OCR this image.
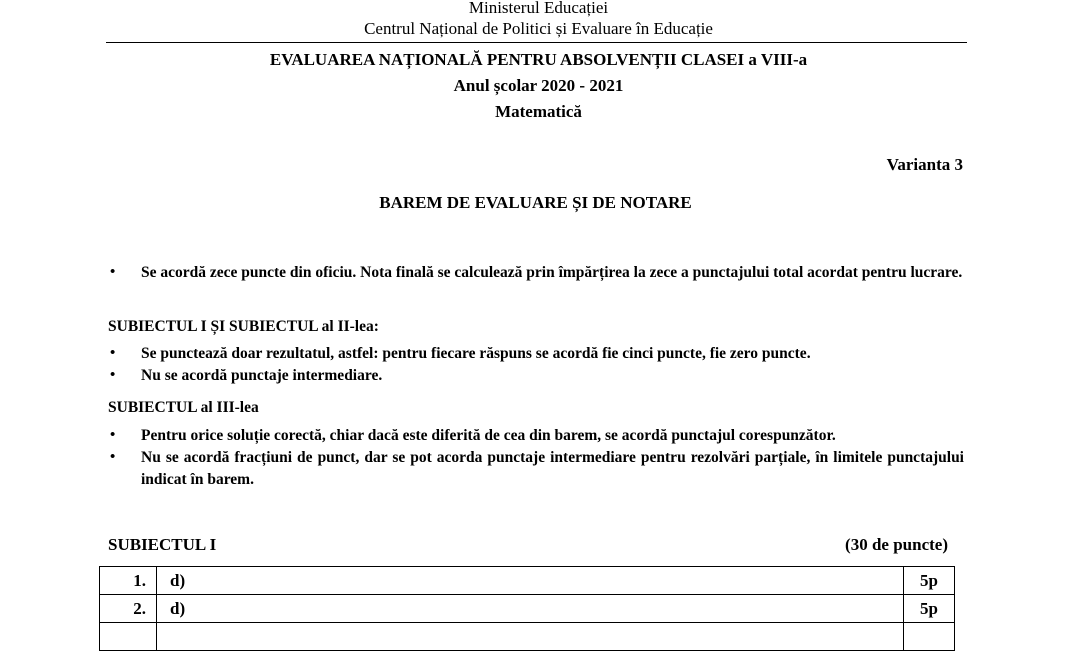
Ministerul Educației
Centrul Național de Politici și Evaluare în Educație
EVALUAREA NAȚIONALĂ PENTRU ABSOLVENȚII CLASEI a VIII-a
Anul școlar 2020 - 2021
Matematică
Varianta 3
BAREM DE EVALUARE ȘI DE NOTARE
• Se acordă zece puncte din oficiu. Nota finală se calculează prin împărțirea la zece a punctajului total acordat pentru lucrare.
SUBIECTUL I ȘI SUBIECTUL al II-lea:
• Se punctează doar rezultatul, astfel: pentru fiecare răspuns se acordă fie cinci puncte, fie zero puncte.
• Nu se acordă punctaje intermediare.
SUBIECTUL al III-lea
• Pentru orice soluție corectă, chiar dacă este diferită de cea din barem, se acordă punctajul corespunzător.
• Nu se acordă fracțiuni de punct, dar se pot acorda punctaje intermediare pentru rezolvări parțiale, în limitele punctajului indicat în barem.
SUBIECTUL I	(30 de puncte)
1.	d)	5p
2.	d)	5p
